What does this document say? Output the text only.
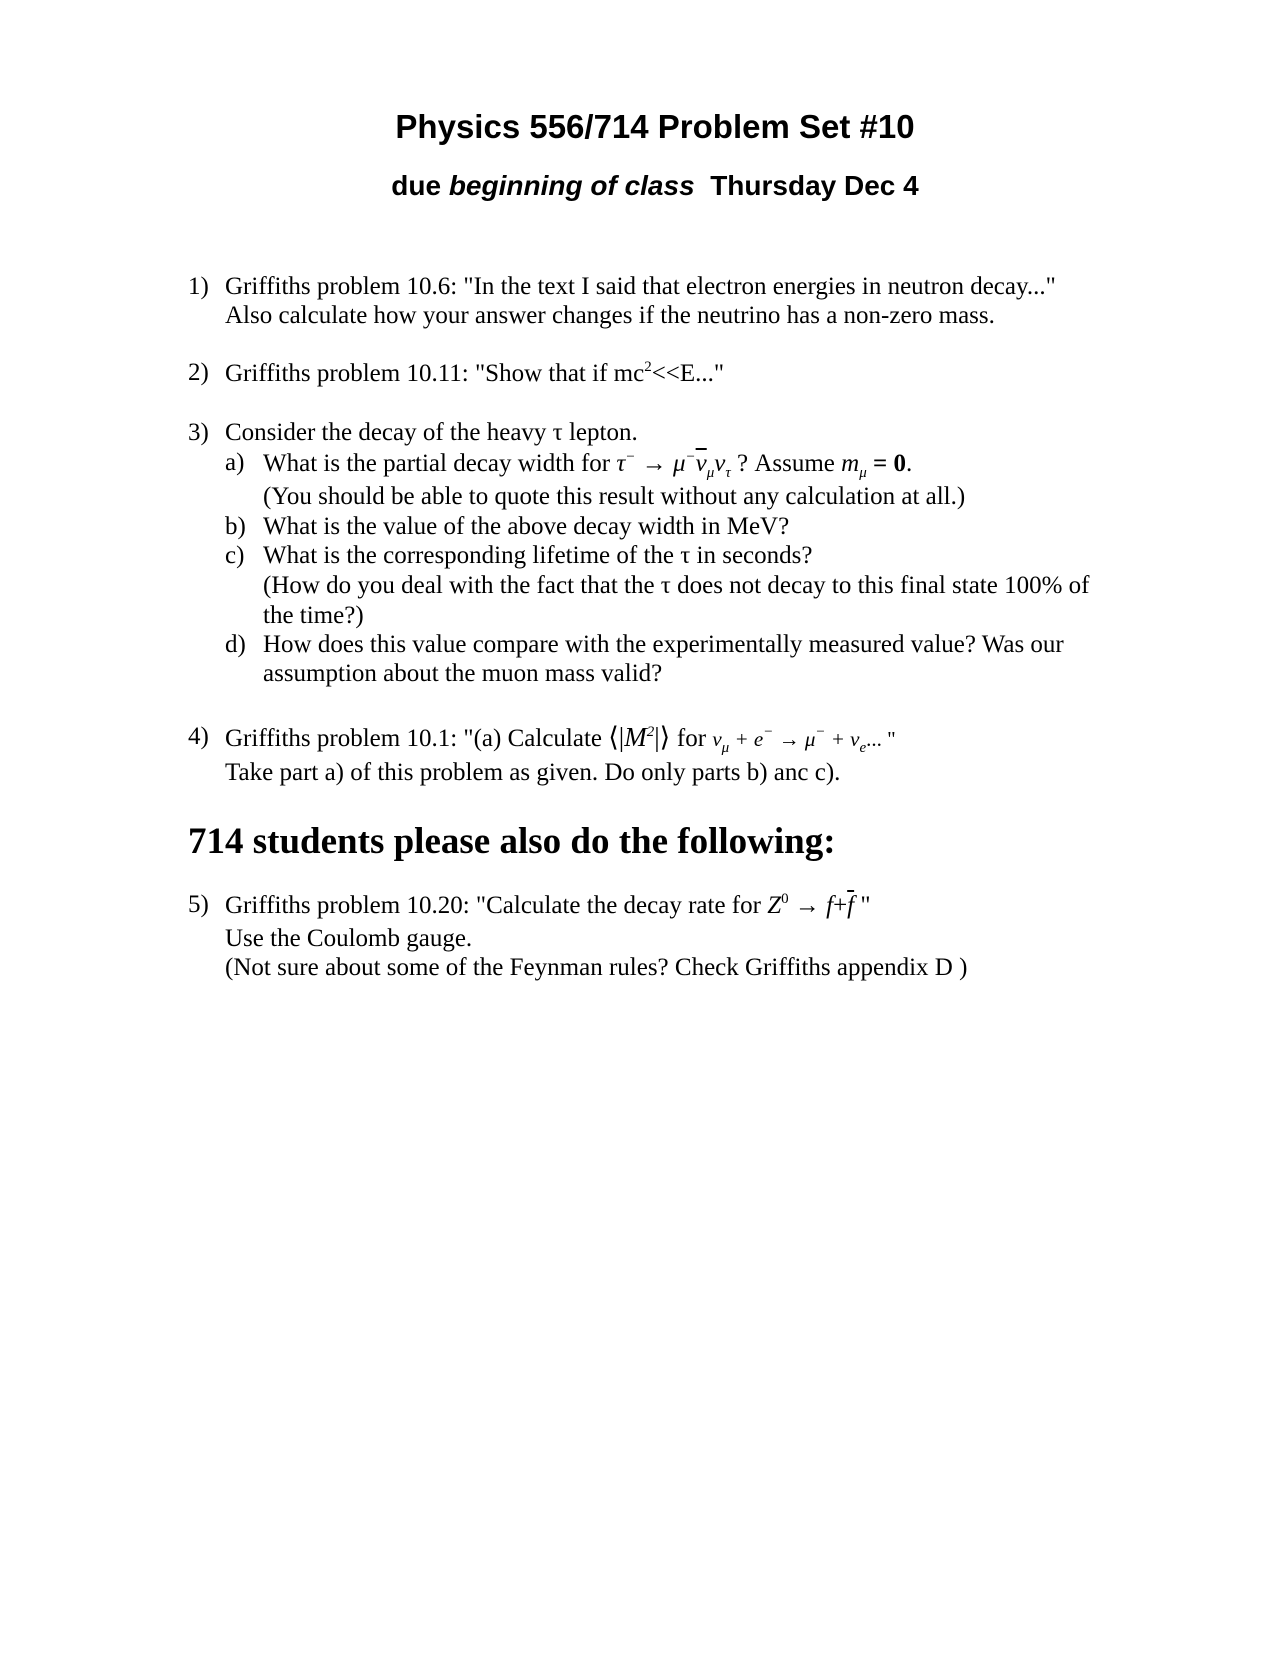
Physics 556/714 Problem Set #10
due beginning of class Thursday Dec 4
1) Griffiths problem 10.6: "In the text I said that electron energies in neutron decay..."
Also calculate how your answer changes if the neutrino has a non-zero mass.
2) Griffiths problem 10.11: "Show that if $mc^2<<E$..."
3) Consider the decay of the heavy τ lepton.
a) What is the partial decay width for $\tau^- \to \mu^-\overline{\nu}_\mu\nu_\tau$ ? Assume $m_\mu = 0$.
(You should be able to quote this result without any calculation at all.)
b) What is the value of the above decay width in MeV?
c) What is the corresponding lifetime of the τ in seconds?
(How do you deal with the fact that the τ does not decay to this final state 100% of
the time?)
d) How does this value compare with the experimentally measured value? Was our
assumption about the muon mass valid?
4) Griffiths problem 10.1: "(a) Calculate $⟨|M^2|⟩$ for $\nu_\mu + e^- \to \mu^- + \nu_e$... "
Take part a) of this problem as given. Do only parts b) anc c).
714 students please also do the following:
5) Griffiths problem 10.20: "Calculate the decay rate for $Z^0 \to f+\overline{f}$ "
Use the Coulomb gauge.
(Not sure about some of the Feynman rules? Check Griffiths appendix D )
